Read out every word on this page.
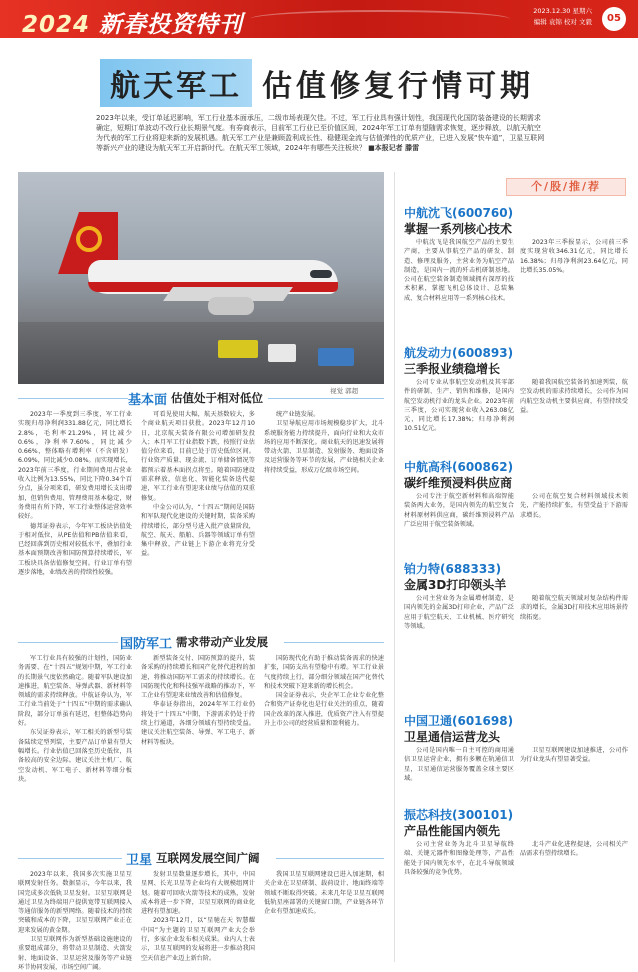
2024 新春投资特刊
2023.12.30 星期六
编辑 袁锦 校对 文毅	05
航天军工 估值修复行情可期
2023年以来，受订单延迟影响，军工行业基本面承压，二级市场表现欠佳。不过，军工行业具有强计划性，我国现代化国防装备建设的长期需求确定，短期订单波动不改行业长期景气度。有券商表示，目前军工行业已至价值区间，2024年军工订单有望随需求恢复，逐步释放，以航天航空为代表的军工行业将迎来新的发展机遇。航天军工产业是兼顾盈利成长性、稳健现金流与估值弹性的优质产业，已进入发展“快车道”，卫星互联网等新兴产业的建设为航天军工开启新时代。在航天军工领域，2024年有哪些关注板块？ ■本报记者 滕雷
视觉 郭超
基本面 估值处于相对低位

2023年一季度到三季度，军工行业实现归母净利润331.88亿元，同比增长2.8%，毛利率21.29%，同比减少0.6%，净利率7.60%，同比减少0.66%，整体略有增利率（不含研发）6.09%，同比减少0.08%。而实现增长，2023年前三季度，行业期间费用占营业收入比例为13.55%，同比下降0.34个百分点，虽分项来看，研发费用增长支出增加，但销售费用、管理费用基本稳定，财务费用有所下降，军工行业整体运营效率较好。

德邦证券表示，今年军工板块估值处于相对低位，从PE估值和PB估值来看，已经回落到历史相对较低水平，叠加行业基本面预期改善和国防预算持续增长，军工板块具备估值修复空间。行业订单有望逐步落地，业绩改善的持续性较强。

可看见使用大幅，航天基数较大，多个商业航天项目获批。2023年12月10日，北京航天装备有限公司增加研发投入；本月军工行业指数下跌，按照行业估值分位来看，目前已处于历史低位区间。行业资产质量、现金流、订单储备情况等都预示着基本面拐点将至。随着国防建设需求释放，信息化、智能化装备迭代提速，军工行业有望迎来业绩与估值的双重修复。

中金公司认为，“十四五”期间是国防和军队现代化建设的关键时期，装备采购持续增长，部分型号进入批产放量阶段，航空、航天、船舶、兵器等领域订单有望集中释放，产业链上下游企业将充分受益。

统产业链发展。

卫星导航应用市场规模稳步扩大，北斗系统服务能力持续提升，面向行业和大众市场的应用不断深化。商业航天的迅速发展将带动火箭、卫星制造、发射服务、地面设备及运营服务等环节的发展，产业链相关企业将持续受益，形成万亿级市场空间。

国防军工 需求带动产业发展

军工行业具有较强的计划性，国防业务需要、在“十四五”规划中期，军工行业的长期景气度依然确定。随着军队建设加速推进，航空装备、导弹武器、新材料等领域的需求持续释放。中航证券认为，军工行业当前处于“十四五”中期的需求确认阶段，部分订单虽有延迟，但整体趋势向好。

东吴证券表示，军工相关的新型号装备陆续定型列装，主要产品订单量有望大幅增长。行业估值已回落至历史低位，具备较高的安全边际。建议关注主机厂、航空发动机、军工电子、新材料等细分板块。

新型装备交付、国防预算的提升，装备采购的持续增长和国产化替代进程的加速，将推动国防军工需求的持续增长。在国防现代化和科技强军战略的推动下，军工企业有望迎来业绩改善和估值修复。

华泰证券指出，2024年军工行业仍将处于“十四五”中期，下游需求仍处于持续上行通道，各细分领域有望持续受益。建议关注航空装备、导弹、军工电子、新材料等板块。

国防现代化有助于推动装备需求的快速扩张，国防支出有望稳中有增。军工行业景气度持续上行，部分细分领域在国产化替代和技术突破下迎来新的增长机会。

国金证券表示，央企军工企业专业化整合和资产证券化也是行业关注的重点，随着国企改革的深入推进，优质资产注入有望提升上市公司的经营质量和盈利能力。

卫星 互联网发展空间广阔

2023年以来，我国多次实施卫星互联网发射任务。数据显示，今年以来，我国完成多次低轨卫星发射。卫星互联网是通过卫星为终端用户提供宽带互联网接入等通信服务的新型网络。随着技术的持续突破和成本的下降，卫星互联网产业正在迎来发展的黄金期。

卫星互联网作为新型基础设施建设的重要组成部分，将带动卫星制造、火箭发射、地面设备、卫星运营及服务等产业链环节协同发展，市场空间广阔。

发射卫星数量逐步增长，其中，中国星网、长光卫星等企业均有大规模组网计划。随着可回收火箭等技术的成熟，发射成本将进一步下降，卫星互联网的商业化进程有望加速。

2023年12月，以“星驰在天 智慧耀中国”为主题的卫星互联网产业大会举行，多家企业发布相关成果。业内人士表示，卫星互联网的发展将进一步推动我国空天信息产业迈上新台阶。

我国卫星互联网建设已进入加速期，相关企业在卫星研制、载荷设计、地面终端等领域不断取得突破。未来几年是卫星互联网低轨星座部署的关键窗口期，产业链各环节企业有望加速成长。

个/股/推/荐
中航沈飞(600760)
掌握一系列核心技术

中航沈飞是我国航空产品的主要生产商，主要从事航空产品的研发、制造、修理及服务，主营业务为航空产品制造，是国内一流的歼击机研制基地。公司在航空装备制造领域拥有深厚的技术积累，掌握飞机总体设计、总装集成、复合材料应用等一系列核心技术。

2023年三季报显示，公司前三季度实现营收346.31亿元，同比增长16.38%；归母净利润23.64亿元，同比增长35.05%。

航发动力(600893)
三季报业绩稳增长

公司专业从事航空发动机及其零部件的研制、生产、销售和维修，是国内航空发动机行业的龙头企业。2023年前三季度，公司实现营业收入263.08亿元，同比增长17.38%；归母净利润10.51亿元。

随着我国航空装备的加速列装，航空发动机的需求持续增长，公司作为国内航空发动机主要供应商，有望持续受益。

中航高科(600862)
碳纤维预浸料供应商

公司专注于航空新材料和高端智能装备两大业务，是国内领先的航空复合材料原材料供应商，碳纤维预浸料产品广泛应用于航空装备领域。

公司在航空复合材料领域技术领先，产能持续扩张，有望受益于下游需求增长。

铂力特(688333)
金属3D打印领头羊

公司主营业务为金属增材制造，是国内领先的金属3D打印企业，产品广泛应用于航空航天、工业机械、医疗研究等领域。

随着航空航天领域对复杂结构件需求的增长，金属3D打印技术应用场景持续拓宽。

中国卫通(601698)
卫星通信运营龙头

公司是国内唯一自主可控的商用通信卫星运营企业，拥有多颗在轨通信卫星，卫星通信运营服务覆盖全球主要区域。

卫星互联网建设加速推进，公司作为行业龙头有望显著受益。

振芯科技(300101)
产品性能国内领先

公司主营业务为北斗卫星导航终端、关键元器件和图像处理等，产品性能处于国内领先水平，在北斗导航领域具备较强的竞争优势。

北斗产业化进程提速，公司相关产品需求有望持续增长。
